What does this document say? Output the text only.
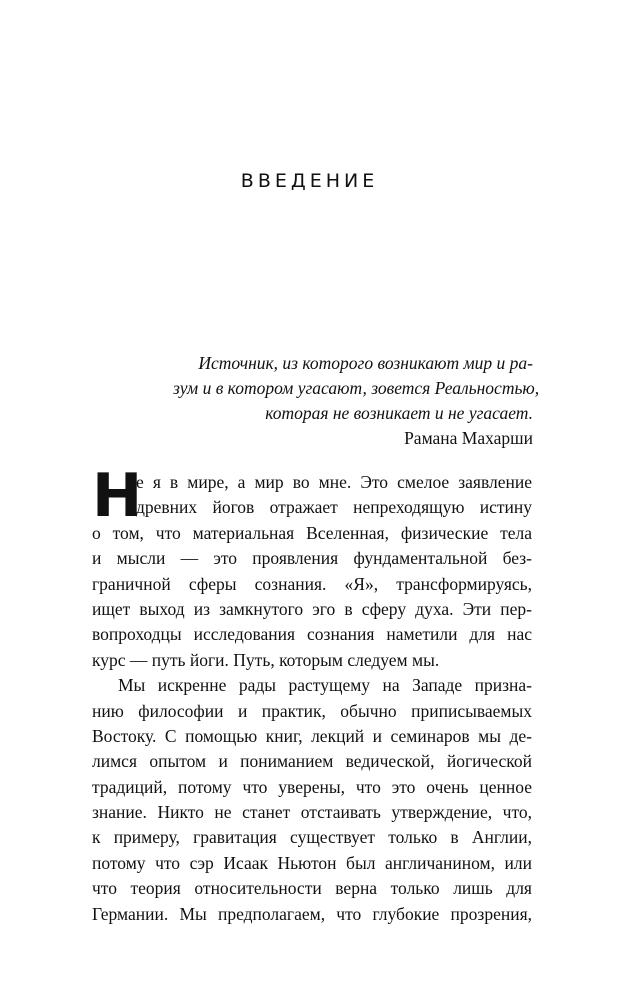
ВВЕДЕНИЕ
Источник, из которого возникают мир и ра-
зум и в котором угасают, зовется Реальностью,
которая не возникает и не угасает.
Рамана Махарши
Н
е я в мире, а мир во мне. Это смелое заявление
древних йогов отражает непреходящую истину
о том, что материальная Вселенная, физические тела
и мысли — это проявления фундаментальной без-
граничной сферы сознания. «Я», трансформируясь,
ищет выход из замкнутого эго в сферу духа. Эти пер-
вопроходцы исследования сознания наметили для нас
курс — путь йоги. Путь, которым следуем мы.
Мы искренне рады растущему на Западе призна-
нию философии и практик, обычно приписываемых
Востоку. С помощью книг, лекций и семинаров мы де-
лимся опытом и пониманием ведической, йогической
традиций, потому что уверены, что это очень ценное
знание. Никто не станет отстаивать утверждение, что,
к примеру, гравитация существует только в Англии,
потому что сэр Исаак Ньютон был англичанином, или
что теория относительности верна только лишь для
Германии. Мы предполагаем, что глубокие прозрения,
